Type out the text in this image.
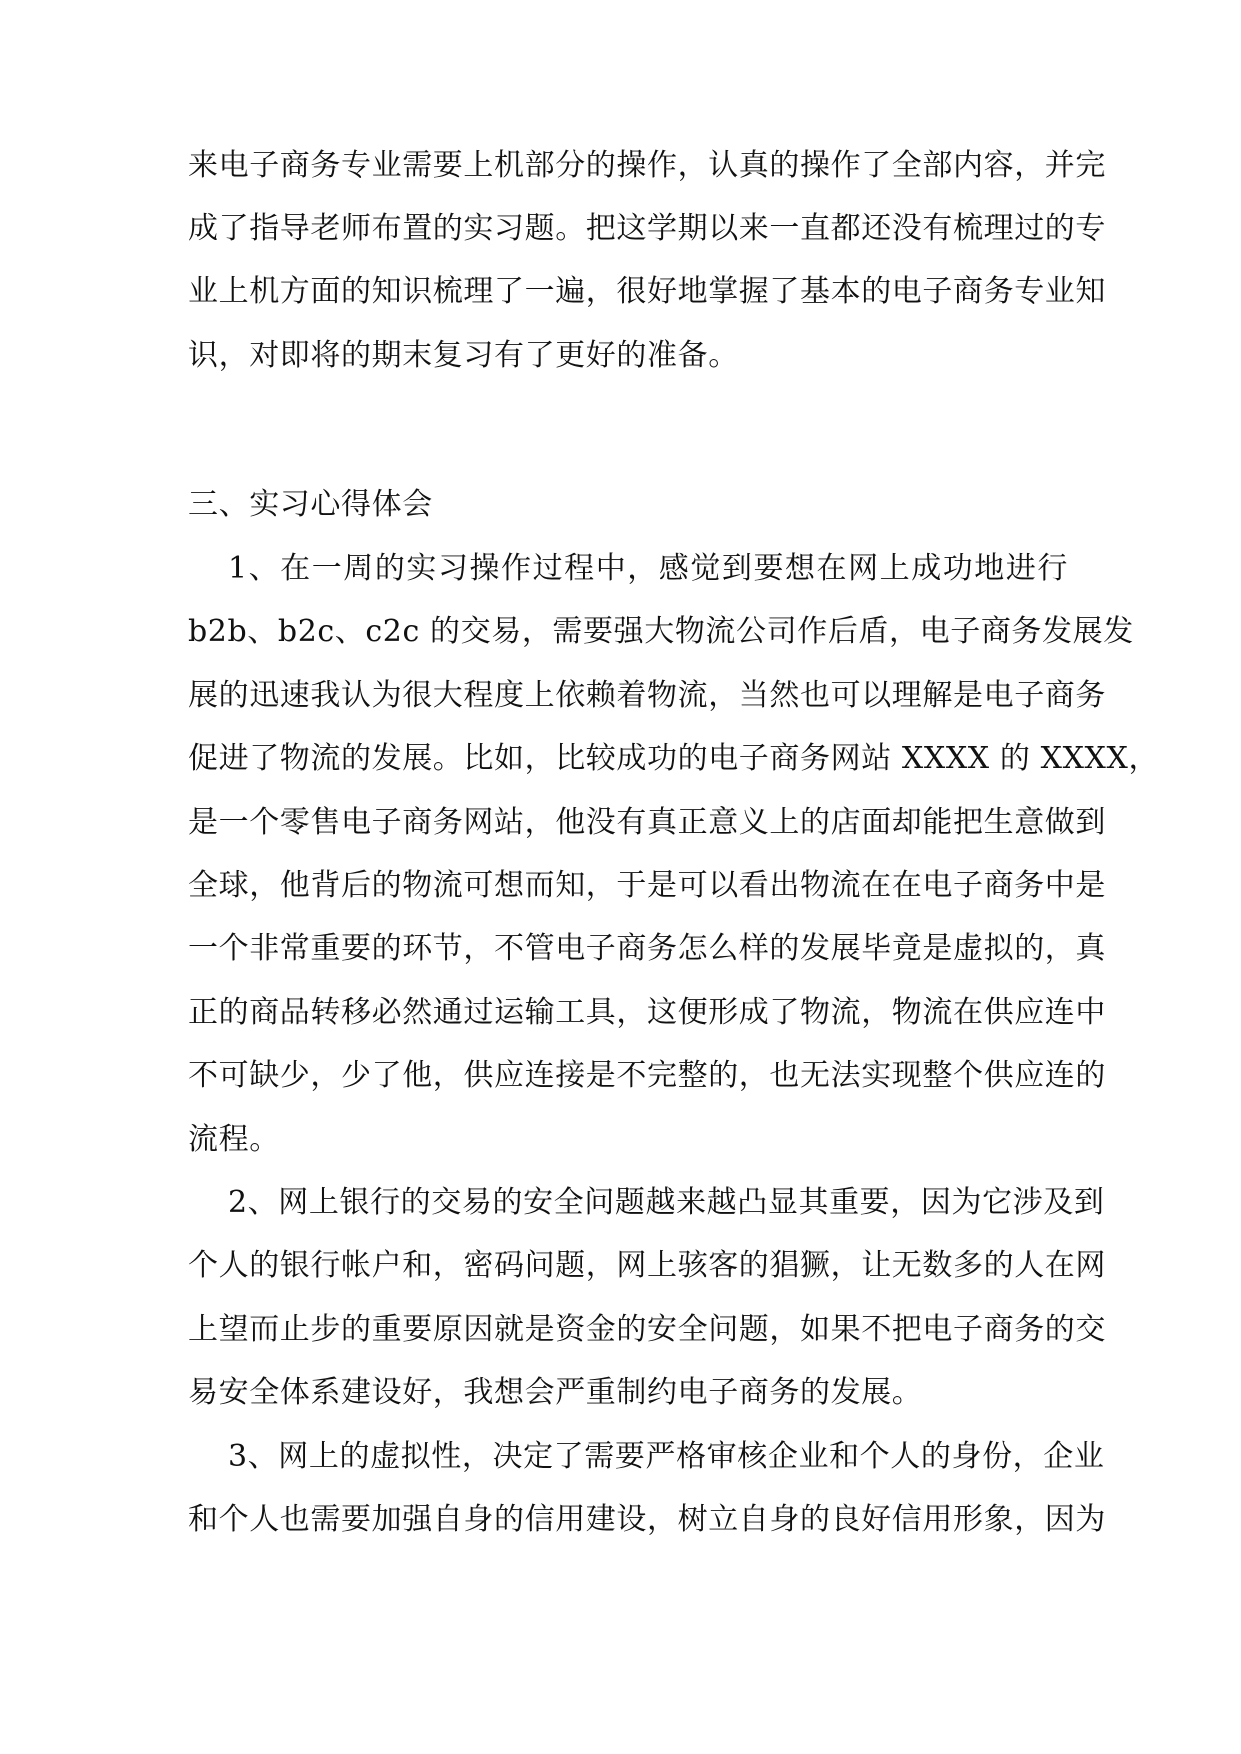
来电子商务专业需要上机部分的操作，认真的操作了全部内容，并完
成了指导老师布置的实习题。把这学期以来一直都还没有梳理过的专
业上机方面的知识梳理了一遍，很好地掌握了基本的电子商务专业知
识，对即将的期末复习有了更好的准备。
三、实习心得体会
1、在一周的实习操作过程中，感觉到要想在网上成功地进行
b2b、b2c、c2c 的交易，需要强大物流公司作后盾，电子商务发展发
展的迅速我认为很大程度上依赖着物流，当然也可以理解是电子商务
促进了物流的发展。比如，比较成功的电子商务网站 XXXX 的 XXXX，
是一个零售电子商务网站，他没有真正意义上的店面却能把生意做到
全球，他背后的物流可想而知，于是可以看出物流在在电子商务中是
一个非常重要的环节，不管电子商务怎么样的发展毕竟是虚拟的，真
正的商品转移必然通过运输工具，这便形成了物流，物流在供应连中
不可缺少，少了他，供应连接是不完整的，也无法实现整个供应连的
流程。
2、网上银行的交易的安全问题越来越凸显其重要，因为它涉及到
个人的银行帐户和，密码问题，网上骇客的猖獗，让无数多的人在网
上望而止步的重要原因就是资金的安全问题，如果不把电子商务的交
易安全体系建设好，我想会严重制约电子商务的发展。
3、网上的虚拟性，决定了需要严格审核企业和个人的身份，企业
和个人也需要加强自身的信用建设，树立自身的良好信用形象，因为
